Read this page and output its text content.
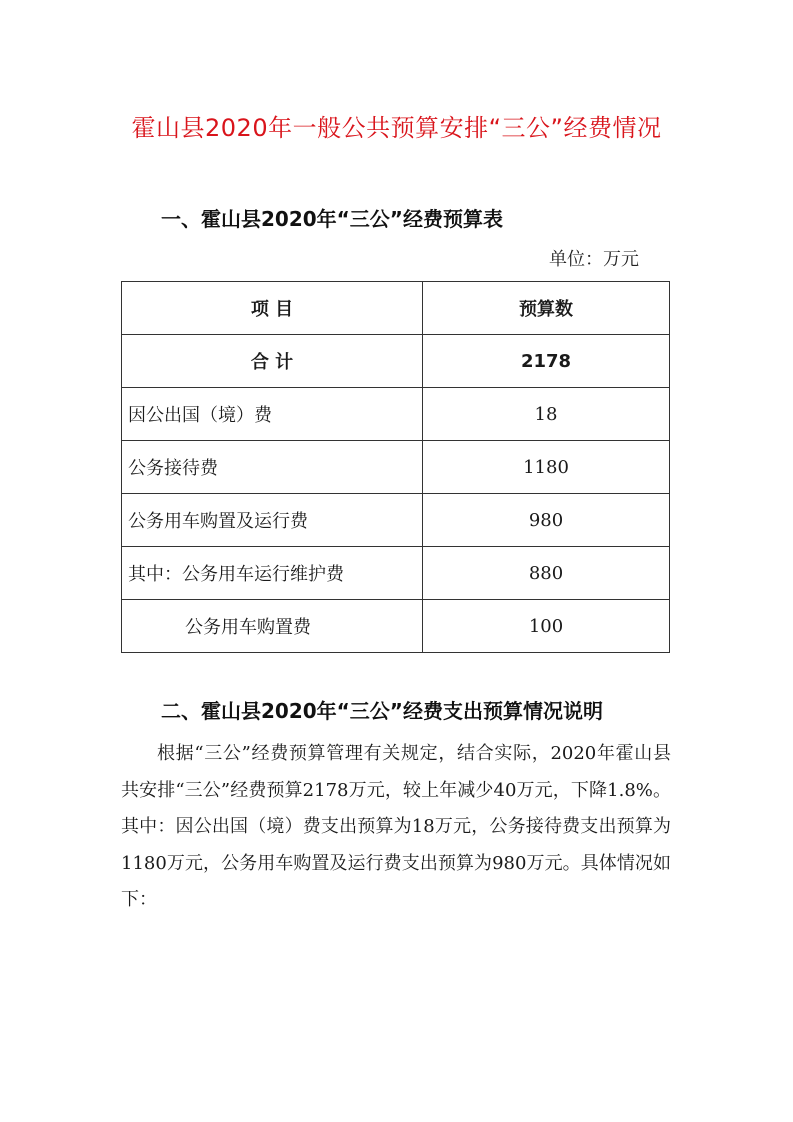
霍山县2020年一般公共预算安排“三公”经费情况
一、霍山县2020年“三公”经费预算表
单位：万元
项 目	预算数
合 计	2178
因公出国（境）费	18
公务接待费	1180
公务用车购置及运行费	980
其中：公务用车运行维护费	880
公务用车购置费	100
二、霍山县2020年“三公”经费支出预算情况说明

根据“三公”经费预算管理有关规定，结合实际，2020年霍山县共安排“三公”经费预算2178万元，较上年减少40万元，下降1.8%。其中：因公出国（境）费支出预算为18万元，公务接待费支出预算为1180万元，公务用车购置及运行费支出预算为980万元。具体情况如下：
